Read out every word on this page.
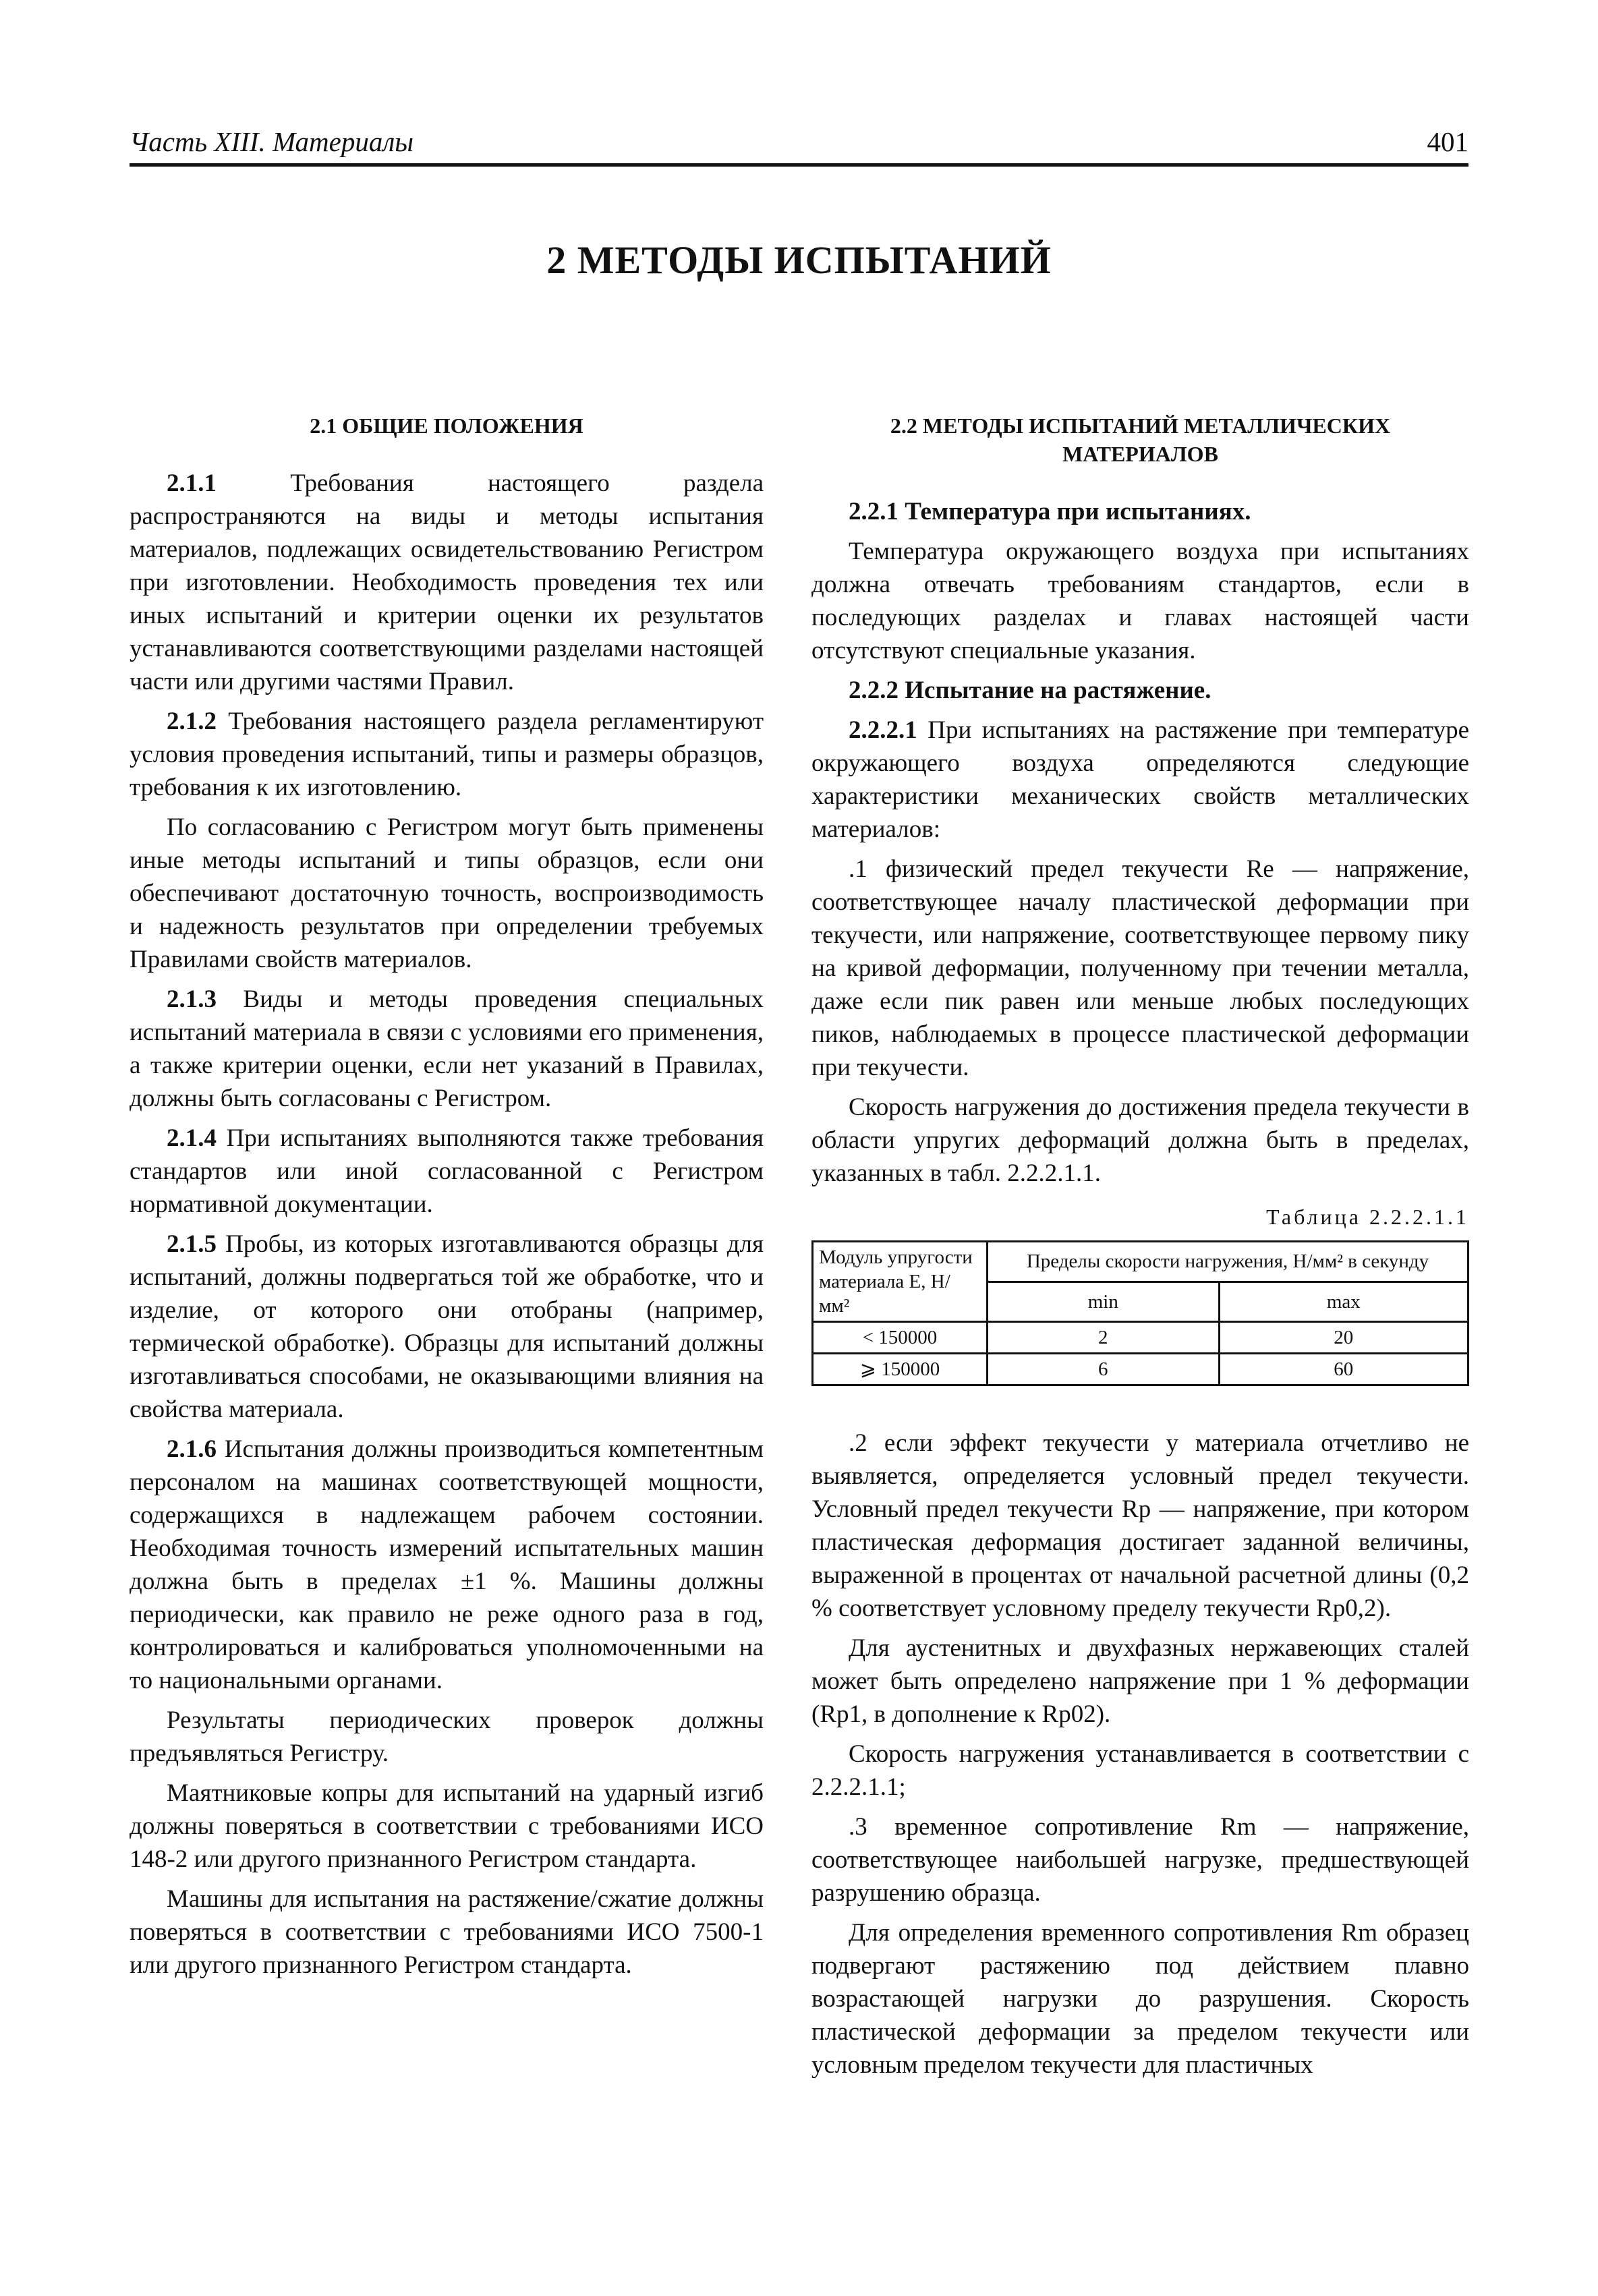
Часть XIII. Материалы	401
2 МЕТОДЫ ИСПЫТАНИЙ
2.1 ОБЩИЕ ПОЛОЖЕНИЯ

2.1.1	Требования настоящего раздела распространяются на виды и методы испытания материалов, подлежащих освидетельствованию Регистром при изготовлении. Необходимость проведения тех или иных испытаний и критерии оценки их результатов устанавливаются соответствующими разделами настоящей части или другими частями Правил.

2.1.2 Требования настоящего раздела регламентируют условия проведения испытаний, типы и размеры образцов, требования к их изготовлению.

По согласованию с Регистром могут быть применены иные методы испытаний и типы образцов, если они обеспечивают достаточную точность, воспроизводимость и надежность результатов при определении требуемых Правилами свойств материалов.

2.1.3 Виды и методы проведения специальных испытаний материала в связи с условиями его применения, а также критерии оценки, если нет указаний в Правилах, должны быть согласованы с Регистром.

2.1.4 При испытаниях выполняются также требования стандартов или иной согласованной с Регистром нормативной документации.

2.1.5 Пробы, из которых изготавливаются образцы для испытаний, должны подвергаться той же обработке, что и изделие, от которого они отобраны (например, термической обработке). Образцы для испытаний должны изготавливаться способами, не оказывающими влияния на свойства материала.

2.1.6 Испытания должны производиться компетентным персоналом на машинах соответствующей мощности, содержащихся в надлежащем рабочем состоянии. Необходимая точность измерений испытательных машин должна быть в пределах ±1 %. Машины должны периодически, как правило не реже одного раза в год, контролироваться и калиброваться уполномоченными на то национальными органами.

Результаты периодических проверок должны предъявляться Регистру.

Маятниковые копры для испытаний на ударный изгиб должны поверяться в соответствии с требованиями ИСО 148-2 или другого признанного Регистром стандарта.

Машины для испытания на растяжение/сжатие должны поверяться в соответствии с требованиями ИСО 7500-1 или другого признанного Регистром стандарта.

2.2 МЕТОДЫ ИСПЫТАНИЙ МЕТАЛЛИЧЕСКИХ МАТЕРИАЛОВ

2.2.1 Температура при испытаниях.

Температура окружающего воздуха при испытаниях должна отвечать требованиям стандартов, если в последующих разделах и главах настоящей части отсутствуют специальные указания.

2.2.2 Испытание на растяжение.

2.2.2.1 При испытаниях на растяжение при температуре окружающего воздуха определяются следующие характеристики механических свойств металлических материалов:

.1 физический предел текучести Re — напряжение, соответствующее началу пластической деформации при текучести, или напряжение, соответствующее первому пику на кривой деформации, полученному при течении металла, даже если пик равен или меньше любых последующих пиков, наблюдаемых в процессе пластической деформации при текучести.

Скорость нагружения до достижения предела текучести в области упругих деформаций должна быть в пределах, указанных в табл. 2.2.2.1.1.

Таблица 2.2.2.1.1
Модуль упругости материала E, Н/мм²	Пределы скорости нагружения, Н/мм² в секунду	
	min	max
< 150000	2	20
⩾ 150000	6	60

.2 если эффект текучести у материала отчетливо не выявляется, определяется условный предел текучести. Условный предел текучести Rp — напряжение, при котором пластическая деформация достигает заданной величины, выраженной в процентах от начальной расчетной длины (0,2 % соответствует условному пределу текучести Rp0,2).

Для аустенитных и двухфазных нержавеющих сталей может быть определено напряжение при 1 % деформации (Rp1, в дополнение к Rp02).

Скорость нагружения устанавливается в соответствии с 2.2.2.1.1;

.3 временное сопротивление Rm — напряжение, соответствующее наибольшей нагрузке, предшествующей разрушению образца.

Для определения временного сопротивления Rm образец подвергают растяжению под действием плавно возрастающей нагрузки до разрушения. Скорость пластической деформации за пределом текучести или условным пределом текучести для пластичных
